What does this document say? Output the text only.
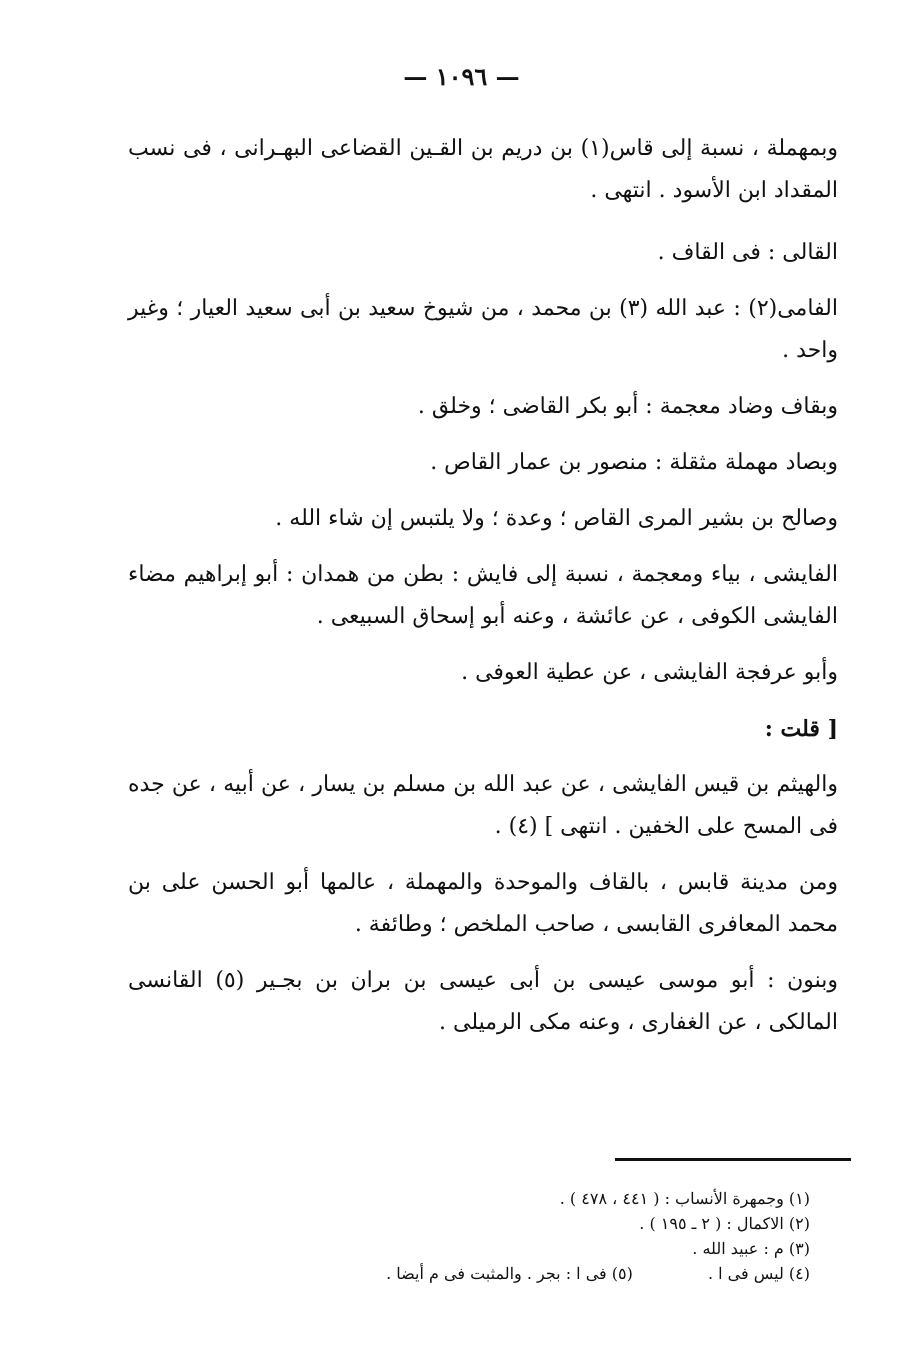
— ١٠٩٦ —

وبمهملة ، نسبة إلى قاس(١) بن دريم بن القـين القضاعى البهـرانى ، فى نسب المقداد ابن الأسود . انتهى .

القالى : فى القاف .

الفامى(٢) : عبد الله (٣) بن محمد ، من شيوخ سعيد بن أبى سعيد العيار ؛ وغير واحد .

وبقاف وضاد معجمة : أبو بكر القاضى ؛ وخلق .

وبصاد مهملة مثقلة : منصور بن عمار القاص .

وصالح بن بشير المرى القاص ؛ وعدة ؛ ولا يلتبس إن شاء الله .

الفايشى ، بياء ومعجمة ، نسبة إلى فايش : بطن من همدان : أبو إبراهيم مضاء الفايشى الكوفى ، عن عائشة ، وعنه أبو إسحاق السبيعى .

وأبو عرفجة الفايشى ، عن عطية العوفى .

[ قلت :

والهيثم بن قيس الفايشى ، عن عبد الله بن مسلم بن يسار ، عن أبيه ، عن جده فى المسح على الخفين . انتهى ] (٤) .

ومن مدينة قابس ، بالقاف والموحدة والمهملة ، عالمها أبو الحسن على بن محمد المعافرى القابسى ، صاحب الملخص ؛ وطائفة .

وبنون : أبو موسى عيسى بن أبى عيسى بن بران بن بجـير (٥) القانسى المالكى ، عن الغفارى ، وعنه مكى الرميلى .

(١) وجمهرة الأنساب : ( ٤٤١ ، ٤٧٨ ) .
(٢) الاكمال : ( ٢ ـ ١٩٥ ) .
(٣) م : عبيد الله .
(٤) ليس فى ا . (٥) فى ا : بجر . والمثبت فى م أيضا .
